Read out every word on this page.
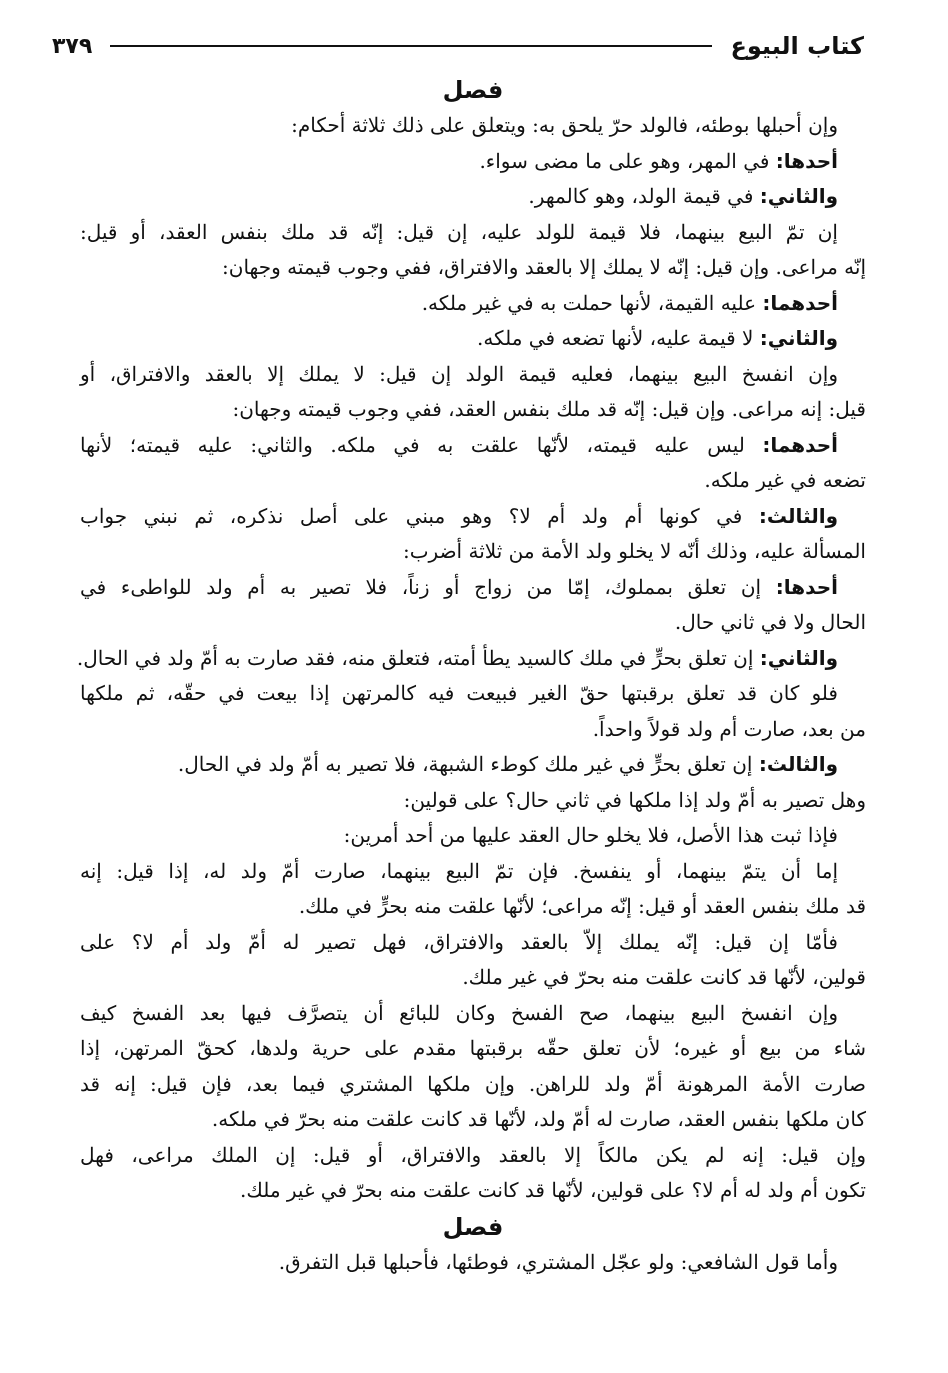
كتاب البيوع
٣٧٩
فصل

وإن أحبلها بوطئه، فالولد حرّ يلحق به: ويتعلق على ذلك ثلاثة أحكام:

أحدها: في المهر، وهو على ما مضى سواء.

والثاني: في قيمة الولد، وهو كالمهر.

إن تمّ البيع بينهما، فلا قيمة للولد عليه، إن قيل: إنّه قد ملك بنفس العقد، أو قيل:

إنّه مراعى. وإن قيل: إنّه لا يملك إلا بالعقد والافتراق، ففي وجوب قيمته وجهان:

أحدهما: عليه القيمة، لأنها حملت به في غير ملكه.

والثاني: لا قيمة عليه، لأنها تضعه في ملكه.

وإن انفسخ البيع بينهما، فعليه قيمة الولد إن قيل: لا يملك إلا بالعقد والافتراق، أو

قيل: إنه مراعى. وإن قيل: إنّه قد ملك بنفس العقد، ففي وجوب قيمته وجهان:

أحدهما: ليس عليه قيمته، لأنّها علقت به في ملكه. والثاني: عليه قيمته؛ لأنها

تضعه في غير ملكه.

والثالث: في كونها أم ولد أم لا؟ وهو مبني على أصل نذكره، ثم نبني جواب

المسألة عليه، وذلك أنّه لا يخلو ولد الأمة من ثلاثة أضرب:

أحدها: إن تعلق بمملوك، إمّا من زواج أو زناً، فلا تصير به أم ولد للواطىء في

الحال ولا في ثاني حال.

والثاني: إن تعلق بحرٍّ في ملك كالسيد يطأ أمته، فتعلق منه، فقد صارت به أمّ ولد في الحال.

فلو كان قد تعلق برقبتها حقّ الغير فبيعت فيه كالمرتهن إذا بيعت في حقّه، ثم ملكها

من بعد، صارت أم ولد قولاً واحداً.

والثالث: إن تعلق بحرٍّ في غير ملك كوطء الشبهة، فلا تصير به أمّ ولد في الحال.

وهل تصير به أمّ ولد إذا ملكها في ثاني حال؟ على قولين:

فإذا ثبت هذا الأصل، فلا يخلو حال العقد عليها من أحد أمرين:

إما أن يتمّ بينهما، أو ينفسخ. فإن تمّ البيع بينهما، صارت أمّ ولد له، إذا قيل: إنه

قد ملك بنفس العقد أو قيل: إنّه مراعى؛ لأنّها علقت منه بحرٍّ في ملك.

فأمّا إن قيل: إنّه يملك إلاّ بالعقد والافتراق، فهل تصير له أمّ ولد أم لا؟ على

قولين، لأنّها قد كانت علقت منه بحرّ في غير ملك.

وإن انفسخ البيع بينهما، صح الفسخ وكان للبائع أن يتصرَّف فيها بعد الفسخ كيف

شاء من بيع أو غيره؛ لأن تعلق حقّه برقبتها مقدم على حرية ولدها، كحقّ المرتهن، إذا

صارت الأمة المرهونة أمّ ولد للراهن. وإن ملكها المشتري فيما بعد، فإن قيل: إنه قد

كان ملكها بنفس العقد، صارت له أمّ ولد، لأنّها قد كانت علقت منه بحرّ في ملكه.

وإن قيل: إنه لم يكن مالكاً إلا بالعقد والافتراق، أو قيل: إن الملك مراعى، فهل

تكون أم ولد له أم لا؟ على قولين، لأنّها قد كانت علقت منه بحرّ في غير ملك.

فصل

وأما قول الشافعي: ولو عجّل المشتري، فوطئها، فأحبلها قبل التفرق.
